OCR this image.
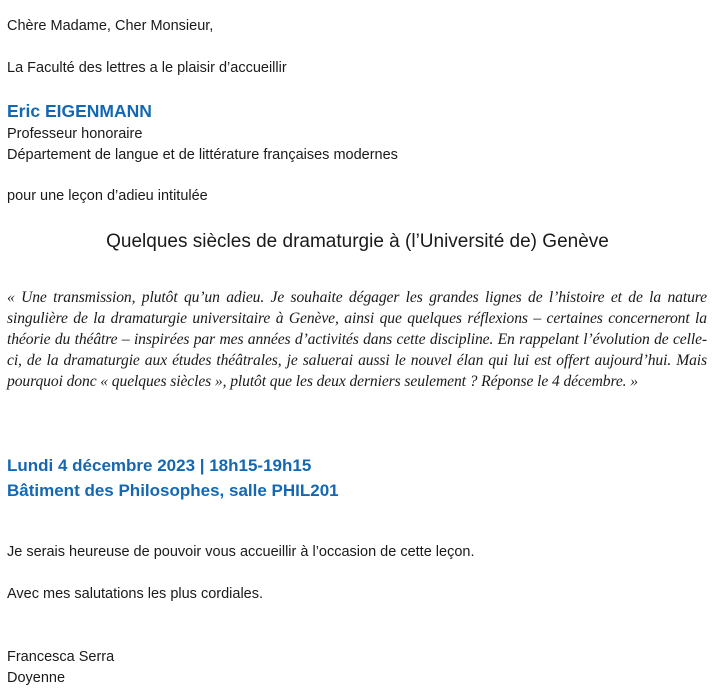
Chère Madame, Cher Monsieur,
La Faculté des lettres a le plaisir d’accueillir
Eric EIGENMANN
Professeur honoraire
Département de langue et de littérature françaises modernes
pour une leçon d’adieu intitulée
Quelques siècles de dramaturgie à (l’Université de) Genève
« Une transmission, plutôt qu’un adieu. Je souhaite dégager les grandes lignes de l’histoire et de la nature singulière de la dramaturgie universitaire à Genève, ainsi que quelques réflexions – certaines concerneront la théorie du théâtre – inspirées par mes années d’activités dans cette discipline. En rappelant l’évolution de celle-ci, de la dramaturgie aux études théâtrales, je saluerai aussi le nouvel élan qui lui est offert aujourd’hui. Mais pourquoi donc « quelques siècles », plutôt que les deux derniers seulement ? Réponse le 4 décembre. »
Lundi 4 décembre 2023 | 18h15-19h15
Bâtiment des Philosophes, salle PHIL201
Je serais heureuse de pouvoir vous accueillir à l’occasion de cette leçon.
Avec mes salutations les plus cordiales.
Francesca Serra
Doyenne
